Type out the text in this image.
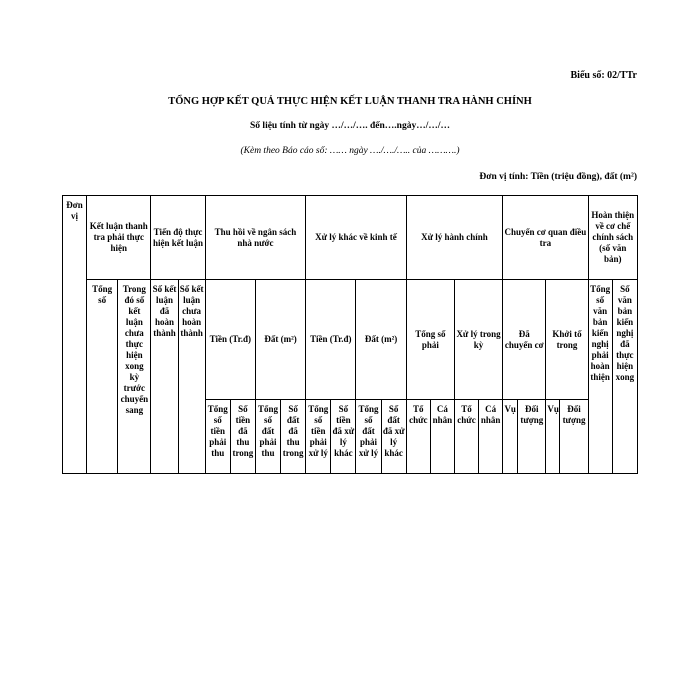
Biểu số: 02/TTr
TỔNG HỢP KẾT QUẢ THỰC HIỆN KẾT LUẬN THANH TRA HÀNH CHÍNH
Số liệu tính từ ngày …/…/…. đến….ngày…/…/…
(Kèm theo Báo cáo số: …… ngày …./…./….. của ……….)
Đơn vị tính: Tiền (triệu đồng), đất (m²)
Đơn vị	Kết luận thanh tra phải thực hiện		Tiến độ thực hiện kết luận		Thu hồi về ngân sách nhà nước				Xử lý khác về kinh tế				Xử lý hành chính				Chuyển cơ quan điều tra				Hoàn thiện về cơ chế chính sách (số văn bản)	
	Tổng số	Trong đó số kết luận chưa thực hiện xong kỳ trước chuyển sang	Số kết luận đã hoàn thành	Số kết luận chưa hoàn thành	Tiền (Tr.đ)		Đất (m²)		Tiền (Tr.đ)		Đất (m²)		Tổng số phải		Xử lý trong kỳ		Đã chuyển cơ		Khởi tố trong		Tổng số văn bản kiến nghị phải hoàn thiện	Số văn bản kiến nghị đã thực hiện xong
					Tổng số tiền phải thu	Số tiền đã thu trong	Tổng số đất phải thu	Số đất đã thu trong	Tổng số tiền phải xử lý	Số tiền đã xử lý khác	Tổng số đất phải xử lý	Số đất đã xử lý khác	Tổ chức	Cá nhân	Tổ chức	Cá nhân	Vụ	Đối tượng	Vụ	Đối tượng		
